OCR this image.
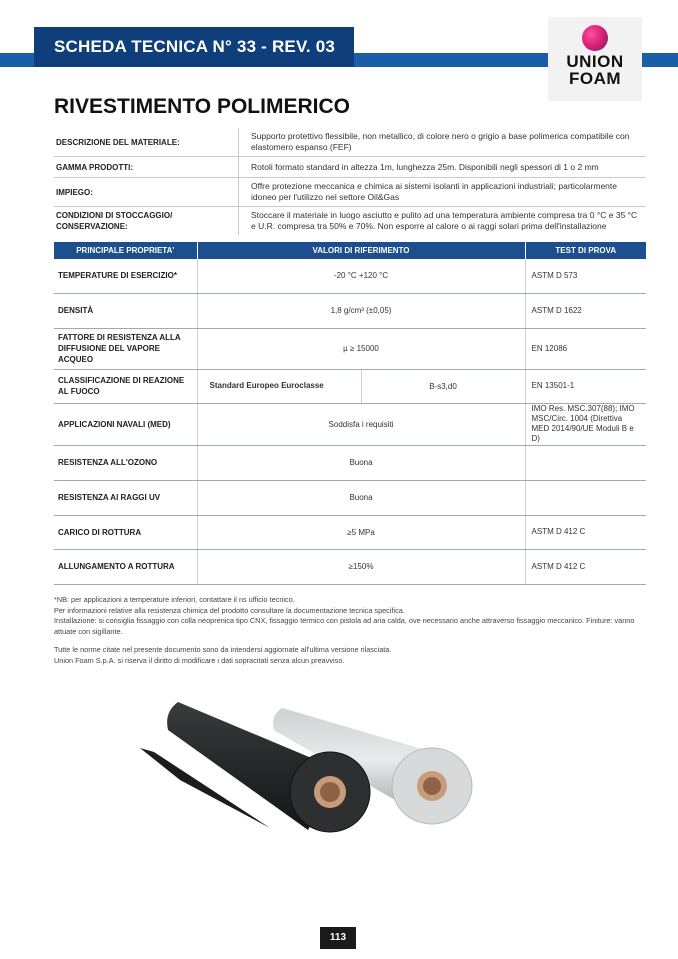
SCHEDA TECNICA N° 33 - REV. 03
UNION
FOAM
RIVESTIMENTO POLIMERICO
DESCRIZIONE DEL MATERIALE:	Supporto protettivo flessibile, non metallico, di colore nero o grigio a base polimerica compatibile con elastomero espanso (FEF)
GAMMA PRODOTTI:	Rotoli formato standard in altezza 1m, lunghezza 25m. Disponibili negli spessori di 1 o 2 mm
IMPIEGO:	Offre protezione meccanica e chimica ai sistemi isolanti in applicazioni industriali; particolarmente idoneo per l'utilizzo nel settore Oil&Gas
CONDIZIONI DI STOCCAGGIO/ CONSERVAZIONE:	Stoccare il materiale in luogo asciutto e pulito ad una temperatura ambiente compresa tra 0 °C e 35 °C e U.R. compresa tra 50% e 70%. Non esporre al calore o ai raggi solari prima dell'installazione
PRINCIPALE PROPRIETA'	VALORI DI RIFERIMENTO		TEST DI PROVA
TEMPERATURE DI ESERCIZIO*	-20 °C +120 °C		ASTM D 573
DENSITÀ	1,8 g/cm³ (±0,05)		ASTM D 1622
FATTORE DI RESISTENZA ALLA DIFFUSIONE DEL VAPORE ACQUEO	µ ≥ 15000		EN 12086
CLASSIFICAZIONE DI REAZIONE AL FUOCO	Standard Europeo Euroclasse	B-s3,d0	EN 13501-1
APPLICAZIONI NAVALI (MED)	Soddisfa i requisiti		IMO Res. MSC.307(88); IMO MSC/Circ. 1004 (Direttiva MED 2014/90/UE Moduli B e D)
RESISTENZA ALL'OZONO	Buona		
RESISTENZA AI RAGGI UV	Buona		
CARICO DI ROTTURA	≥5 MPa		ASTM D 412 C
ALLUNGAMENTO A ROTTURA	≥150%		ASTM D 412 C

*NB: per applicazioni a temperature inferiori, contattare il ns ufficio tecnico.

Per informazioni relative alla resistenza chimica del prodotto consultare la documentazione tecnica specifica.

Installazione: si consiglia fissaggio con colla neoprenica tipo CNX, fissaggio termico con pistola ad aria calda, ove necessario anche attraverso fissaggio meccanico. Finiture: vanno attuate con sigillante.

Tutte le norme citate nel presente documento sono da intendersi aggiornate all'ultima versione rilasciata.

Union Foam S.p.A. si riserva il diritto di modificare i dati sopracitati senza alcun preavviso.

113
